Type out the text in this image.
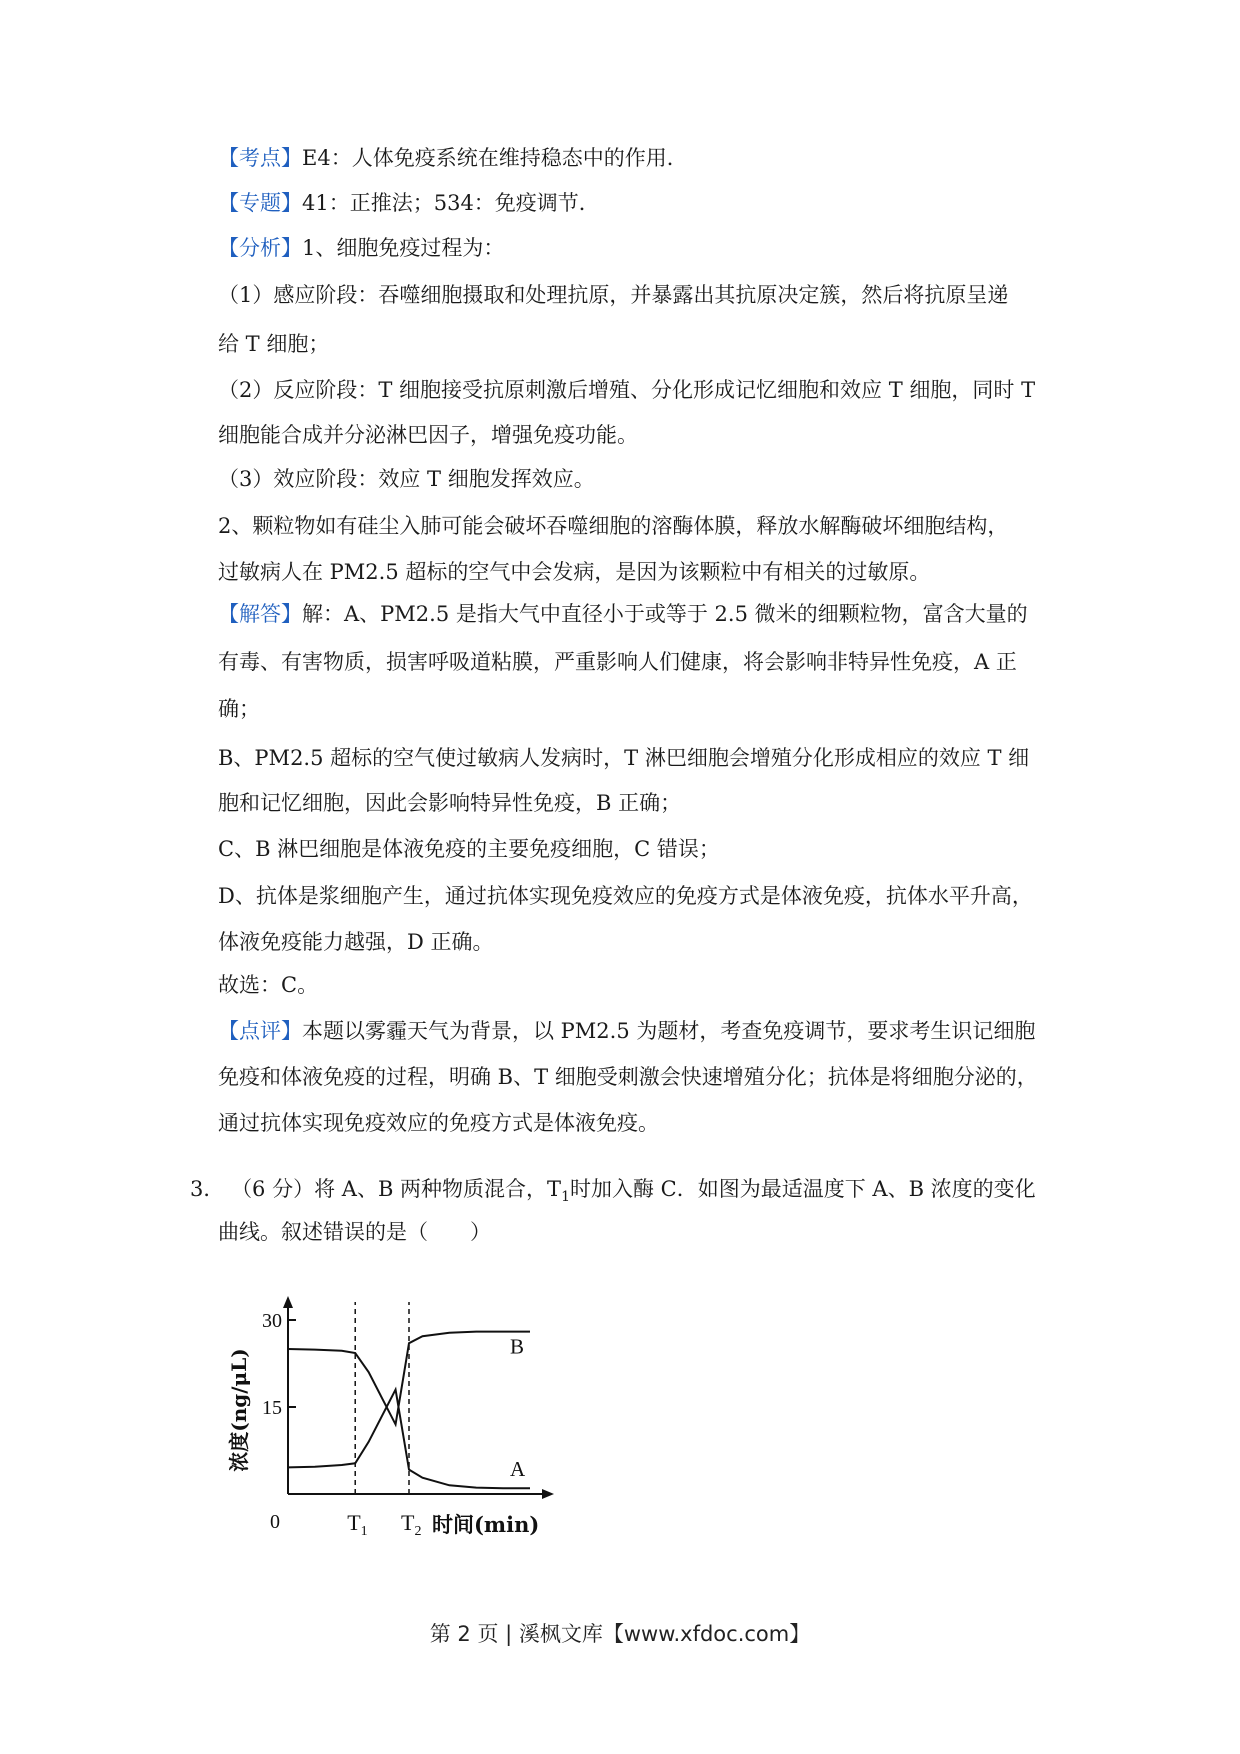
【考点】E4：人体免疫系统在维持稳态中的作用．
【专题】41：正推法；534：免疫调节．
【分析】1、细胞免疫过程为：
（1）感应阶段：吞噬细胞摄取和处理抗原，并暴露出其抗原决定簇，然后将抗原呈递
给 T 细胞；
（2）反应阶段：T 细胞接受抗原刺激后增殖、分化形成记忆细胞和效应 T 细胞，同时 T
细胞能合成并分泌淋巴因子，增强免疫功能。
（3）效应阶段：效应 T 细胞发挥效应。
2、颗粒物如有硅尘入肺可能会破坏吞噬细胞的溶酶体膜，释放水解酶破坏细胞结构，
过敏病人在 PM2.5 超标的空气中会发病，是因为该颗粒中有相关的过敏原。
【解答】解：A、PM2.5 是指大气中直径小于或等于 2.5 微米的细颗粒物，富含大量的
有毒、有害物质，损害呼吸道粘膜，严重影响人们健康，将会影响非特异性免疫，A 正
确；
B、PM2.5 超标的空气使过敏病人发病时，T 淋巴细胞会增殖分化形成相应的效应 T 细
胞和记忆细胞，因此会影响特异性免疫，B 正确；
C、B 淋巴细胞是体液免疫的主要免疫细胞，C 错误；
D、抗体是浆细胞产生，通过抗体实现免疫效应的免疫方式是体液免疫，抗体水平升高，
体液免疫能力越强，D 正确。
故选：C。
【点评】本题以雾霾天气为背景，以 PM2.5 为题材，考查免疫调节，要求考生识记细胞
免疫和体液免疫的过程，明确 B、T 细胞受刺激会快速增殖分化；抗体是将细胞分泌的，
通过抗体实现免疫效应的免疫方式是体液免疫。
3． （6 分）将 A、B 两种物质混合，$T_1$时加入酶 C．如图为最适温度下 A、B 浓度的变化
曲线。叙述错误的是（　　）
30
15
0	$T_1$ $T_2$ 时间(min)
浓度(ng/μL)
B
A
第 2 页 | 溪枫文库【www.xfdoc.com】
